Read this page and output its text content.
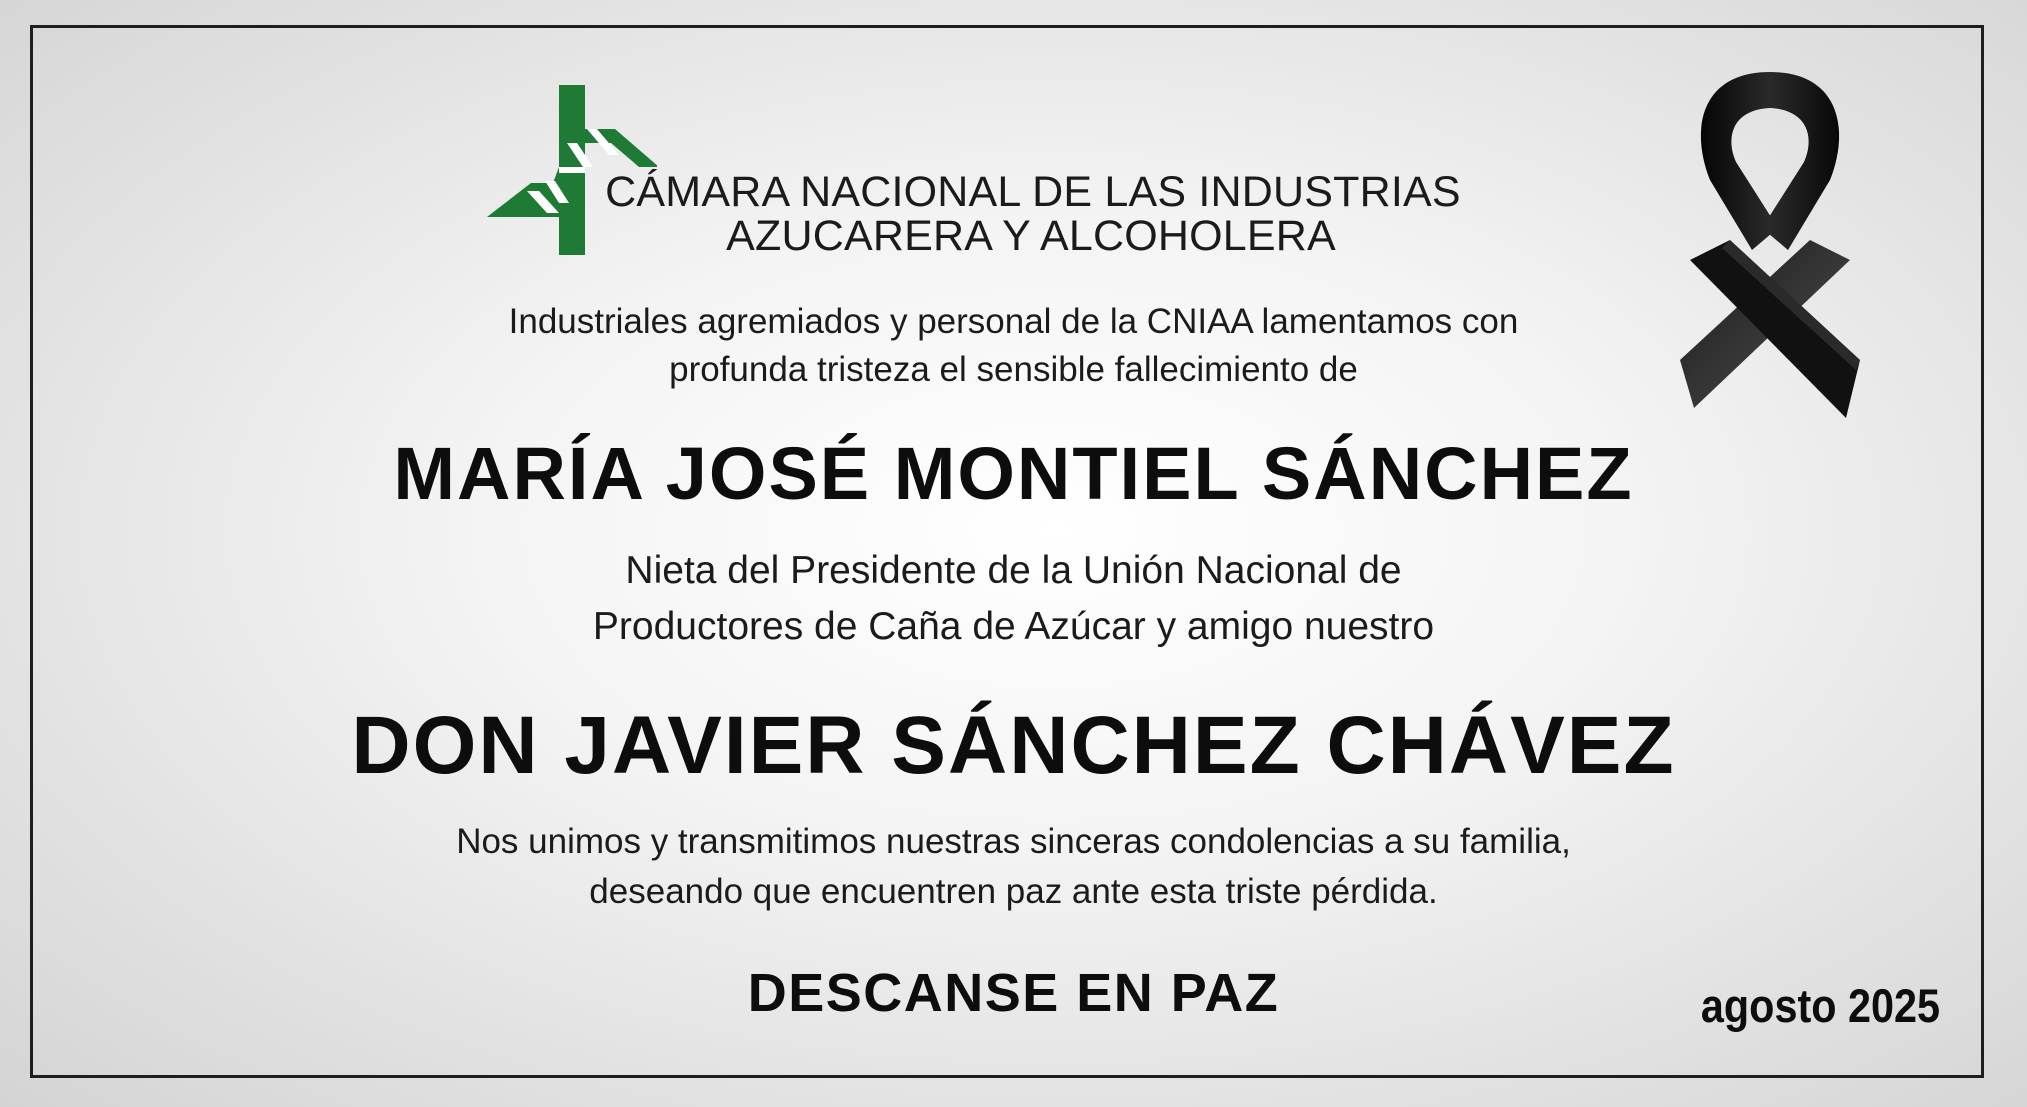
CÁMARA NACIONAL DE LAS INDUSTRIAS
AZUCARERA Y ALCOHOLERA
Industriales agremiados y personal de la CNIAA lamentamos con
profunda tristeza el sensible fallecimiento de
MARÍA JOSÉ MONTIEL SÁNCHEZ
Nieta del Presidente de la Unión Nacional de
Productores de Caña de Azúcar y amigo nuestro
DON JAVIER SÁNCHEZ CHÁVEZ
Nos unimos y transmitimos nuestras sinceras condolencias a su familia,
deseando que encuentren paz ante esta triste pérdida.
DESCANSE EN PAZ	agosto 2025
